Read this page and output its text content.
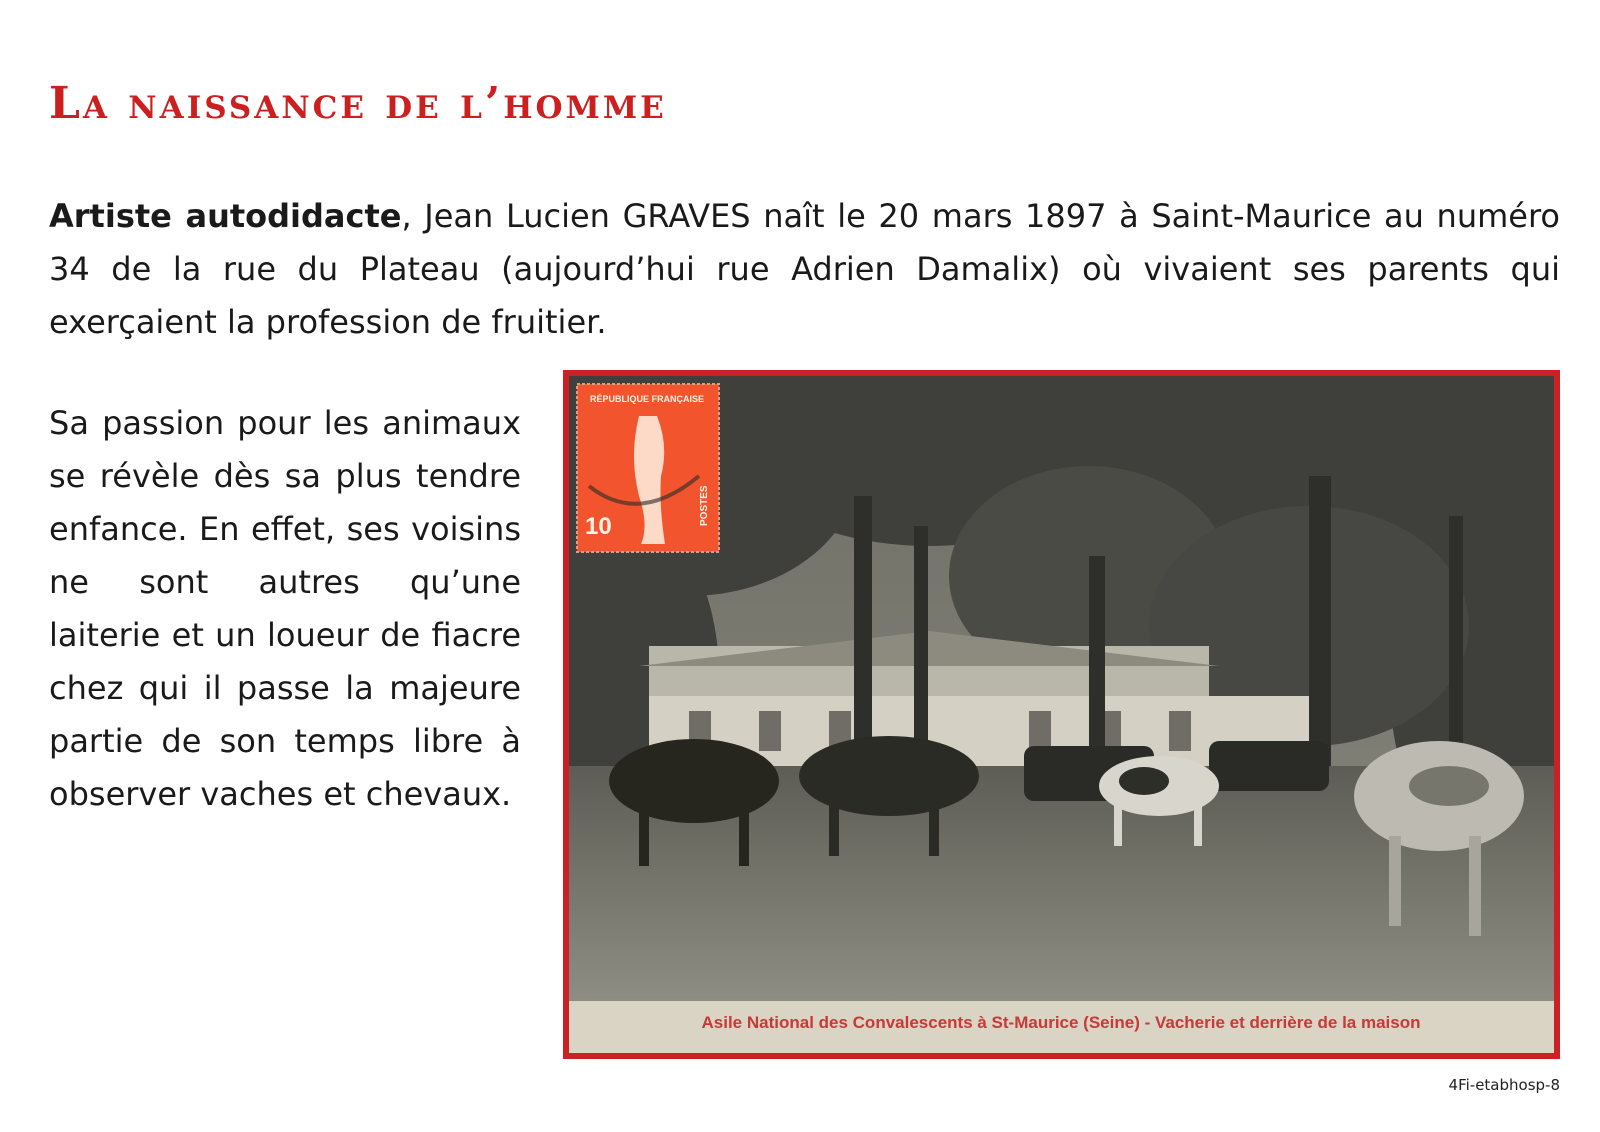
La naissance de l’homme

Artiste autodidacte, Jean Lucien GRAVES naît le 20 mars 1897 à Saint-Maurice au numéro 34 de la rue du Plateau (aujourd’hui rue Adrien Damalix) où vivaient ses parents qui exerçaient la profession de fruitier.

Sa passion pour les animaux se révèle dès sa plus tendre enfance. En effet, ses voisins ne sont autres qu’une laiterie et un loueur de fiacre chez qui il passe la majeure partie de son temps libre à observer vaches et chevaux.

Asile National des Convalescents à St-Maurice (Seine) - Vacherie et derrière de la maison
RÉPUBLIQUE FRANÇAISE
POSTES
10
4Fi-etabhosp-8
